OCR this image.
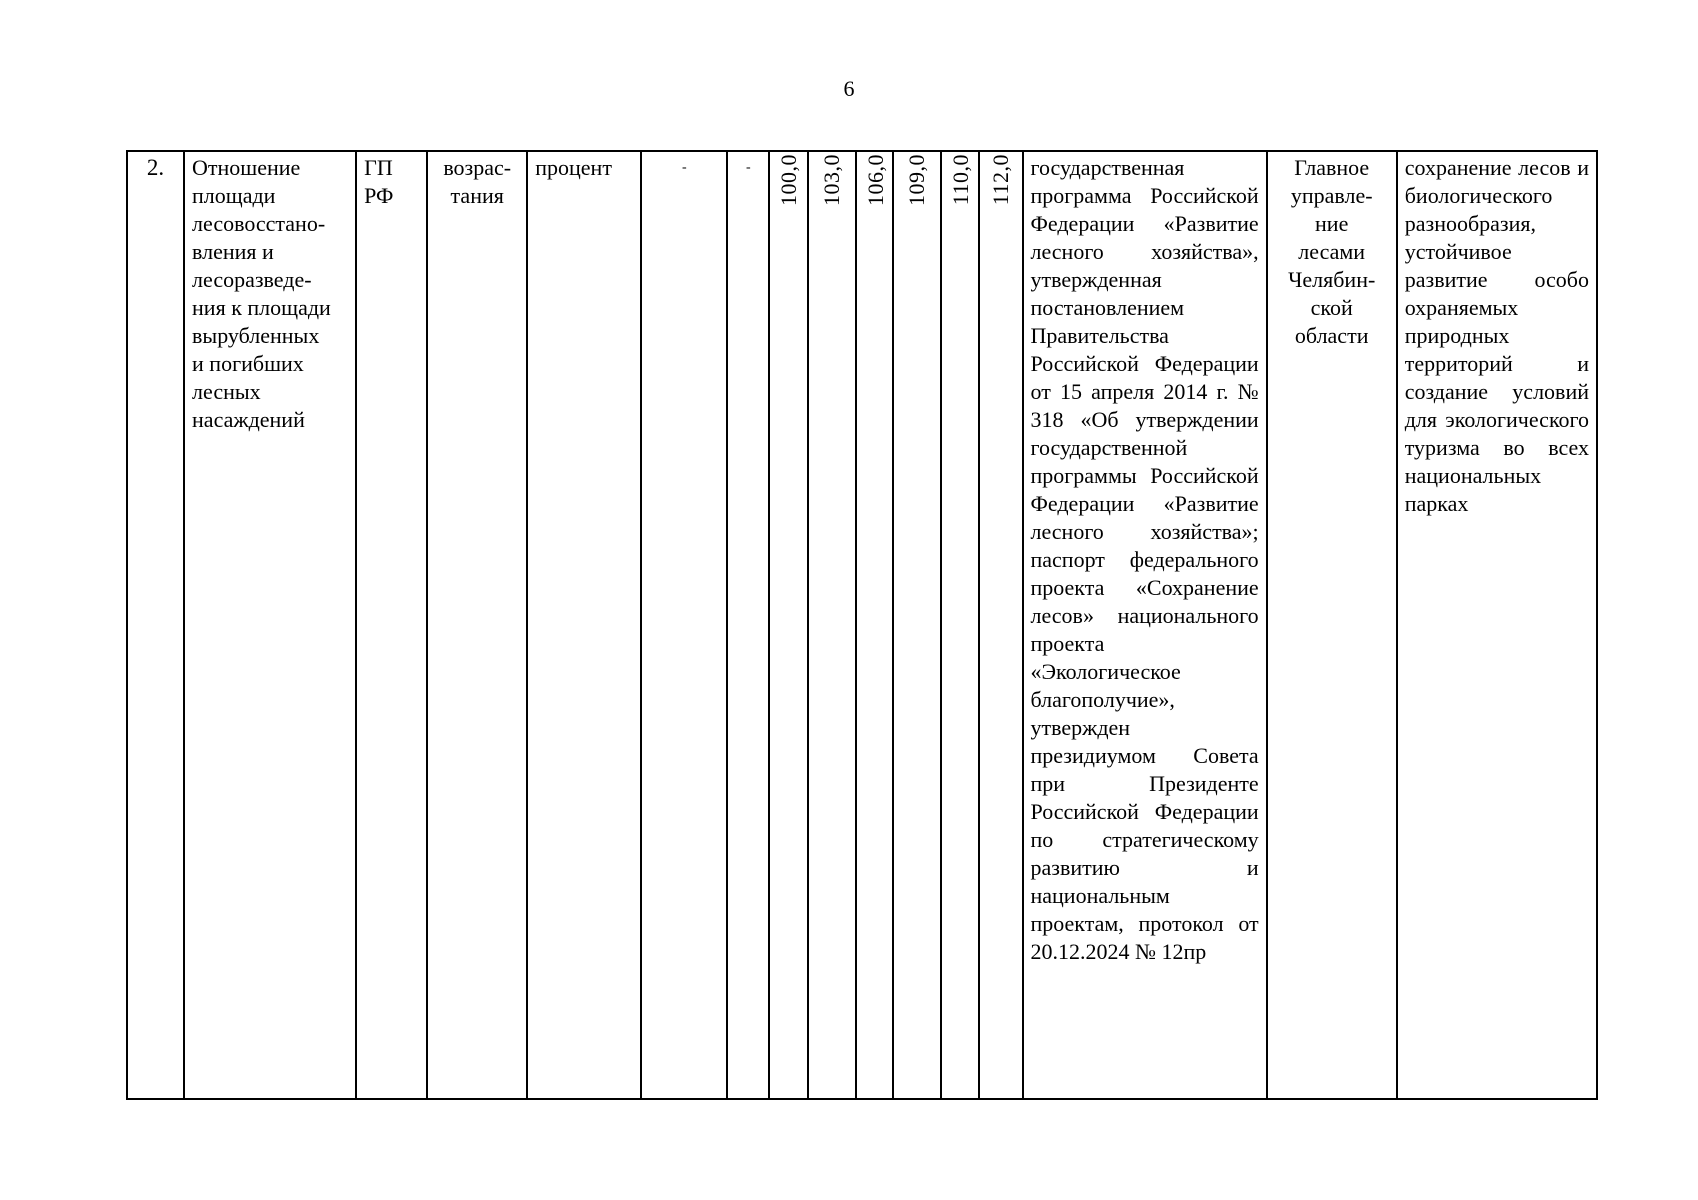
6
2.	Отношение
площади
лесовосстано-
вления и
лесоразведе-
ния к площади
вырубленных
и погибших
лесных
насаждений	ГП
РФ	возрас-
тания	процент	-	-	100,0	103,0	106,0	109,0	110,0	112,0	государственная программа Российской Федерации «Развитие лесного хозяйства», утвержденная постановлением Правительства Российской Федерации от 15 апреля 2014 г. № 318 «Об утверждении государственной программы Российской Федерации «Развитие лесного хозяйства»; паспорт федерального проекта «Сохранение лесов» национального проекта «Экологическое благополучие», утвержден президиумом Совета при Президенте Российской Федерации по стратегическому развитию и национальным проектам, протокол от 20.12.2024 № 12пр	Главное
управле-
ние
лесами
Челябин-
ской
области	сохранение лесов и биологического разнообразия, устойчивое развитие особо охраняемых природных территорий и создание условий для экологического туризма во всех национальных парках
